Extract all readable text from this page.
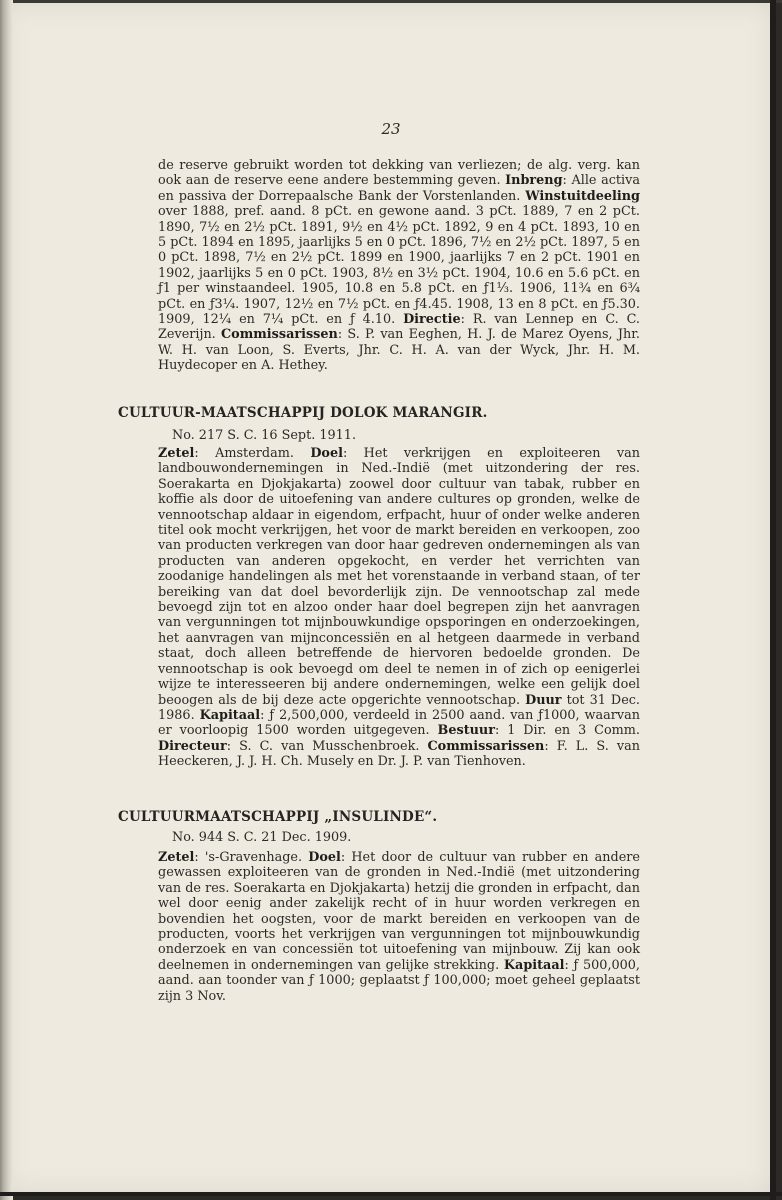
23

de reserve gebruikt worden tot dekking van verliezen; de alg. verg. kan ook aan de reserve eene andere bestemming geven. Inbreng: Alle activa en passiva der Dorrepaalsche Bank der Vorstenlanden. Winstuitdeeling over 1888, pref. aand. 8 pCt. en gewone aand. 3 pCt. 1889, 7 en 2 pCt. 1890, 7½ en 2½ pCt. 1891, 9½ en 4½ pCt. 1892, 9 en 4 pCt. 1893, 10 en 5 pCt. 1894 en 1895, jaarlijks 5 en 0 pCt. 1896, 7½ en 2½ pCt. 1897, 5 en 0 pCt. 1898, 7½ en 2½ pCt. 1899 en 1900, jaarlijks 7 en 2 pCt. 1901 en 1902, jaarlijks 5 en 0 pCt. 1903, 8½ en 3½ pCt. 1904, 10.6 en 5.6 pCt. en ƒ1 per winstaandeel. 1905, 10.8 en 5.8 pCt. en ƒ1⅓. 1906, 11¾ en 6¾ pCt. en ƒ3¼. 1907, 12½ en 7½ pCt. en ƒ4.45. 1908, 13 en 8 pCt. en ƒ5.30. 1909, 12¼ en 7¼ pCt. en ƒ 4.10. Directie: R. van Lennep en C. C. Zeverijn. Commissarissen: S. P. van Eeghen, H. J. de Marez Oyens, Jhr. W. H. van Loon, S. Everts, Jhr. C. H. A. van der Wyck, Jhr. H. M. Huydecoper en A. Hethey.

CULTUUR-MAATSCHAPPIJ DOLOK MARANGIR.
No. 217 S. C. 16 Sept. 1911.

Zetel: Amsterdam. Doel: Het verkrijgen en exploiteeren van landbouwondernemingen in Ned.-Indië (met uitzondering der res. Soerakarta en Djokjakarta) zoowel door cultuur van tabak, rubber en koffie als door de uitoefening van andere cultures op gronden, welke de vennootschap aldaar in eigendom, erfpacht, huur of onder welke anderen titel ook mocht verkrijgen, het voor de markt bereiden en verkoopen, zoo van producten verkregen van door haar gedreven ondernemingen als van producten van anderen opgekocht, en verder het verrichten van zoodanige handelingen als met het vorenstaande in verband staan, of ter bereiking van dat doel bevorderlijk zijn. De vennootschap zal mede bevoegd zijn tot en alzoo onder haar doel begrepen zijn het aanvragen van vergunningen tot mijnbouwkundige opsporingen en onderzoekingen, het aanvragen van mijnconcessiën en al hetgeen daarmede in verband staat, doch alleen betreffende de hiervoren bedoelde gronden. De vennootschap is ook bevoegd om deel te nemen in of zich op eenigerlei wijze te interesseeren bij andere ondernemingen, welke een gelijk doel beoogen als de bij deze acte opgerichte vennootschap. Duur tot 31 Dec. 1986. Kapitaal: ƒ 2,500,000, verdeeld in 2500 aand. van ƒ1000, waarvan er voorloopig 1500 worden uitgegeven. Bestuur: 1 Dir. en 3 Comm. Directeur: S. C. van Musschenbroek. Commissarissen: F. L. S. van Heeckeren, J. J. H. Ch. Musely en Dr. J. P. van Tienhoven.

CULTUURMAATSCHAPPIJ „INSULINDE“.
No. 944 S. C. 21 Dec. 1909.

Zetel: 's-Gravenhage. Doel: Het door de cultuur van rubber en andere gewassen exploiteeren van de gronden in Ned.-Indië (met uitzondering van de res. Soerakarta en Djokjakarta) hetzij die gronden in erfpacht, dan wel door eenig ander zakelijk recht of in huur worden verkregen en bovendien het oogsten, voor de markt bereiden en verkoopen van de producten, voorts het verkrijgen van vergunningen tot mijnbouwkundig onderzoek en van concessiën tot uitoefening van mijnbouw. Zij kan ook deelnemen in ondernemingen van gelijke strekking. Kapitaal: ƒ 500,000, aand. aan toonder van ƒ 1000; geplaatst ƒ 100,000; moet geheel geplaatst zijn 3 Nov.
